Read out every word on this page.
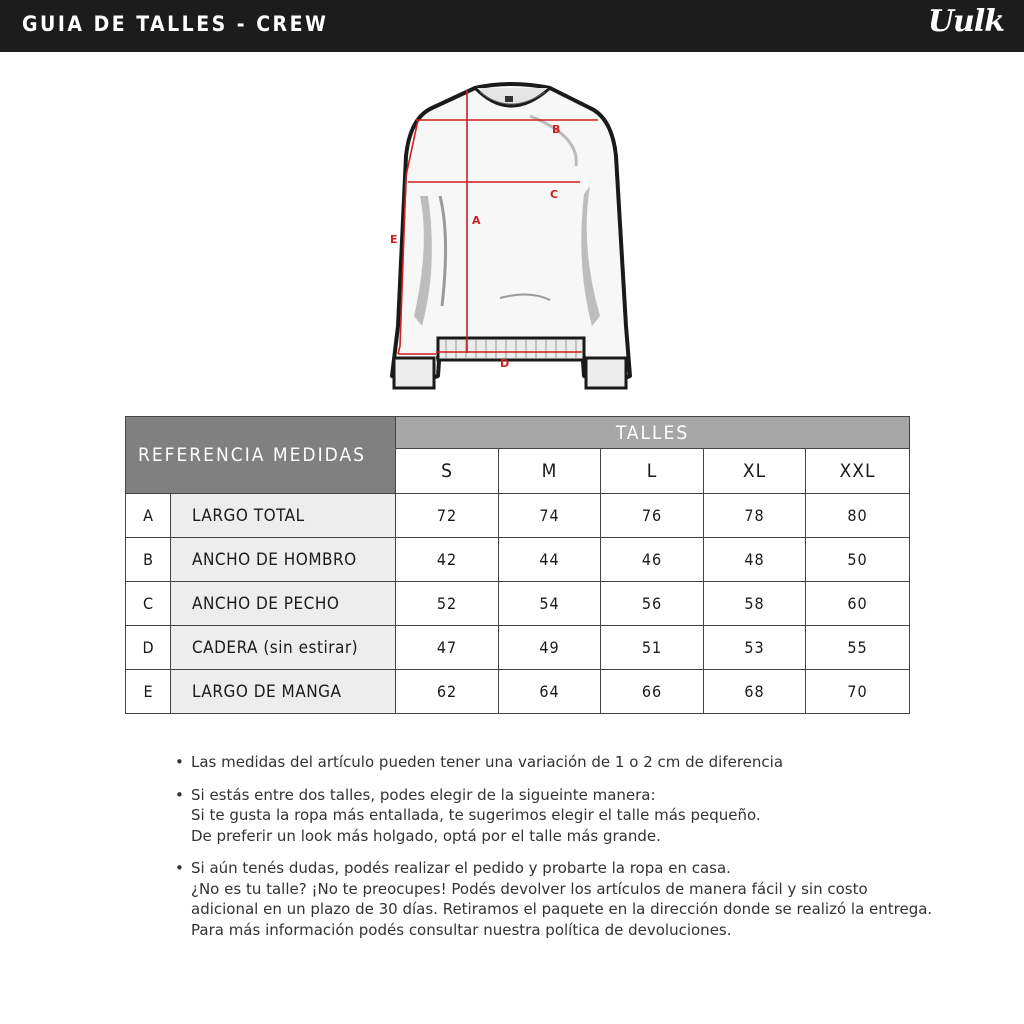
GUIA DE TALLES - CREW	Uulk
B
C
A
E
D
REFERENCIA MEDIDAS		TALLES				
		S	M	L	XL	XXL
A	LARGO TOTAL	72	74	76	78	80
B	ANCHO DE HOMBRO	42	44	46	48	50
C	ANCHO DE PECHO	52	54	56	58	60
D	CADERA (sin estirar)	47	49	51	53	55
E	LARGO DE MANGA	62	64	66	68	70
• Las medidas del artículo pueden tener una variación de 1 o 2 cm de diferencia
• Si estás entre dos talles, podes elegir de la sigueinte manera:
Si te gusta la ropa más entallada, te sugerimos elegir el talle más pequeño.
De preferir un look más holgado, optá por el talle más grande.
• Si aún tenés dudas, podés realizar el pedido y probarte la ropa en casa.
¿No es tu talle? ¡No te preocupes! Podés devolver los artículos de manera fácil y sin costo
adicional en un plazo de 30 días. Retiramos el paquete en la dirección donde se realizó la entrega.
Para más información podés consultar nuestra política de devoluciones.
